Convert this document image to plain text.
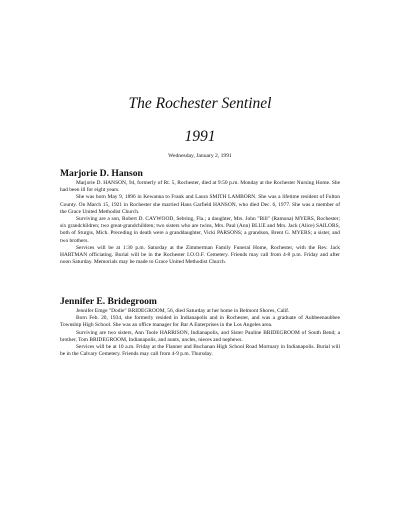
The Rochester Sentinel
1991
Wednesday, January 2, 1991
Marjorie D. Hanson

Marjorie D. HANSON, 94, formerly of Rt. 5, Rochester, died at 9:50 p.m. Monday at the Rochester Nursing Home. She had been ill for eight years.

She was born May 9, 1896 in Kewanna to Frank and Laura SMITH LAMBORN. She was a lifetime resident of Fulton County. On March 15, 1921 in Rochester she married Hans Garfield HANSON, who died Dec. 6, 1977. She was a member of the Grace United Methodist Church.

Surviving are a son, Robert D. CAYWOOD, Sebring, Fla.; a daughter, Mrs. John "Bill" (Ramona) MYERS, Rochester; six grandchildren; two great-grandchildren; two sisters who are twins, Mrs. Paul (Ann) BLUE and Mrs. Jack (Alice) SAILORS, both of Sturgis, Mich. Preceding in death were a granddaughter, Vicki PARSONS; a grandson, Brent G. MYERS; a sister, and two brothers.

Services will be at 1:30 p.m. Saturday at the Zimmerman Family Funeral Home, Rochester, with the Rev. Jack HARTMAN officiating. Burial will be in the Rochester I.O.O.F. Cemetery. Friends may call from 4-8 p.m. Friday and after noon Saturday. Memorials may be made to Grace United Methodist Church.

Jennifer E. Bridegroom

Jennifer Emge "Dodie" BRIDEGROOM, 56, died Saturday at her home in Belmont Shores, Calif.

Born Feb. 20, 1934, she formerly resided in Indianapolis and in Rochester, and was a graduate of Aubbeenaubbee Township High School. She was an office manager for Bar A Enterprises in the Los Angeles area.

Surviving are two sisters, Ann Toole HARRISON, Indianapolis, and Sister Pauline BRIDEGROOM of South Bend; a brother, Tom BRIDEGROOM, Indianapolis, and aunts, uncles, nieces and nephews.

Services will be at 10 a.m. Friday at the Flanner and Buchanan High School Road Mortuary in Indianapolis. Burial will be in the Calvary Cemetery. Friends may call from 4-9 p.m. Thursday.
